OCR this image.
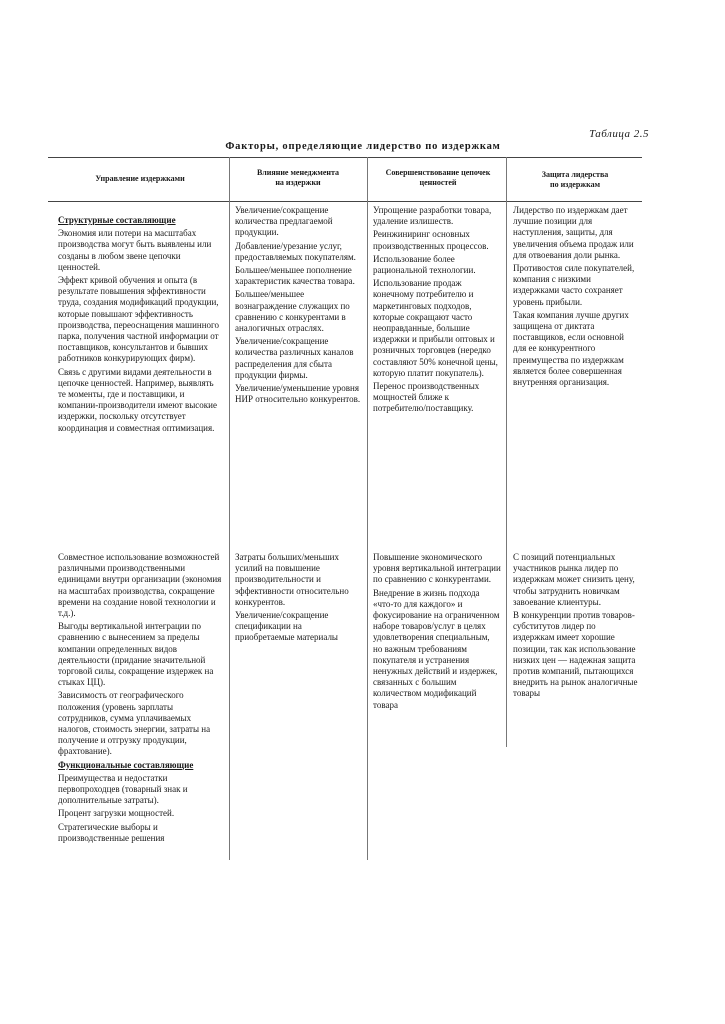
Таблица 2.5
Факторы, определяющие лидерство по издержкам
Управление издержками
Влияние менеджмента
на издержки
Совершенствование цепочек
ценностей
Защита лидерства
по издержкам

Структурные составляющие

Экономия или потери на масштабах производства могут быть выявлены или созданы в любом звене цепочки ценностей.

Эффект кривой обучения и опыта (в результате повышения эффективности труда, создания модификаций продукции, которые повышают эффективность производства, переоснащения машинного парка, получения частной информации от поставщиков, консультантов и бывших работников конкурирующих фирм).

Связь с другими видами деятельности в цепочке ценностей. Например, выявлять те моменты, где и поставщики, и компании-производители имеют высокие издержки, поскольку отсутствует координация и совместная оптимизация.

Увеличение/сокращение количества предлагаемой продукции.

Добавление/урезание услуг, предоставляемых покупателям.

Большее/меньшее пополнение характеристик качества товара.

Большее/меньшее вознаграждение служащих по сравнению с конкурентами в аналогичных отраслях.

Увеличение/сокращение количества различных каналов распределения для сбыта продукции фирмы.

Увеличение/уменьшение уровня НИР относительно конкурентов.

Упрощение разработки товара, удаление излишеств.

Реинжиниринг основных производственных процессов.

Использование более рациональной технологии.

Использование продаж конечному потребителю и маркетинговых подходов, которые сокращают часто неоправданные, большие издержки и прибыли оптовых и розничных торговцев (нередко составляют 50% конечной цены, которую платит покупатель).

Перенос производственных мощностей ближе к потребителю/поставщику.

Лидерство по издержкам дает лучшие позиции для наступления, защиты, для увеличения объема продаж или для отвоевания доли рынка.

Противостоя силе покупателей, компания с низкими издержками часто сохраняет уровень прибыли.

Такая компания лучше других защищена от диктата поставщиков, если основной для ее конкурентного преимущества по издержкам является более совершенная внутренняя организация.

Совместное использование возможностей различными производственными единицами внутри организации (экономия на масштабах производства, сокращение времени на создание новой технологии и т.д.).

Выгоды вертикальной интеграции по сравнению с вынесением за пределы компании определенных видов деятельности (придание значительной торговой силы, сокращение издержек на стыках ЦЦ).

Зависимость от географического положения (уровень зарплаты сотрудников, сумма уплачиваемых налогов, стоимость энергии, затраты на получение и отгрузку продукции, фрахтование).

Функциональные составляющие

Преимущества и недостатки первопроходцев (товарный знак и дополнительные затраты).

Процент загрузки мощностей.

Стратегические выборы и производственные решения

Затраты больших/меньших усилий на повышение производительности и эффективности относительно конкурентов.

Увеличение/сокращение спецификации на приобретаемые материалы

Повышение экономического уровня вертикальной интеграции по сравнению с конкурентами.

Внедрение в жизнь подхода «что-то для каждого» и фокусирование на ограниченном наборе товаров/услуг в целях удовлетворения специальным, но важным требованиям покупателя и устранения ненужных действий и издержек, связанных с большим количеством модификаций товара

С позиций потенциальных участников рынка лидер по издержкам может снизить цену, чтобы затруднить новичкам завоевание клиентуры.

В конкуренции против товаров-субститутов лидер по издержкам имеет хорошие позиции, так как использование низких цен — надежная защита против компаний, пытающихся внедрить на рынок аналогичные товары
